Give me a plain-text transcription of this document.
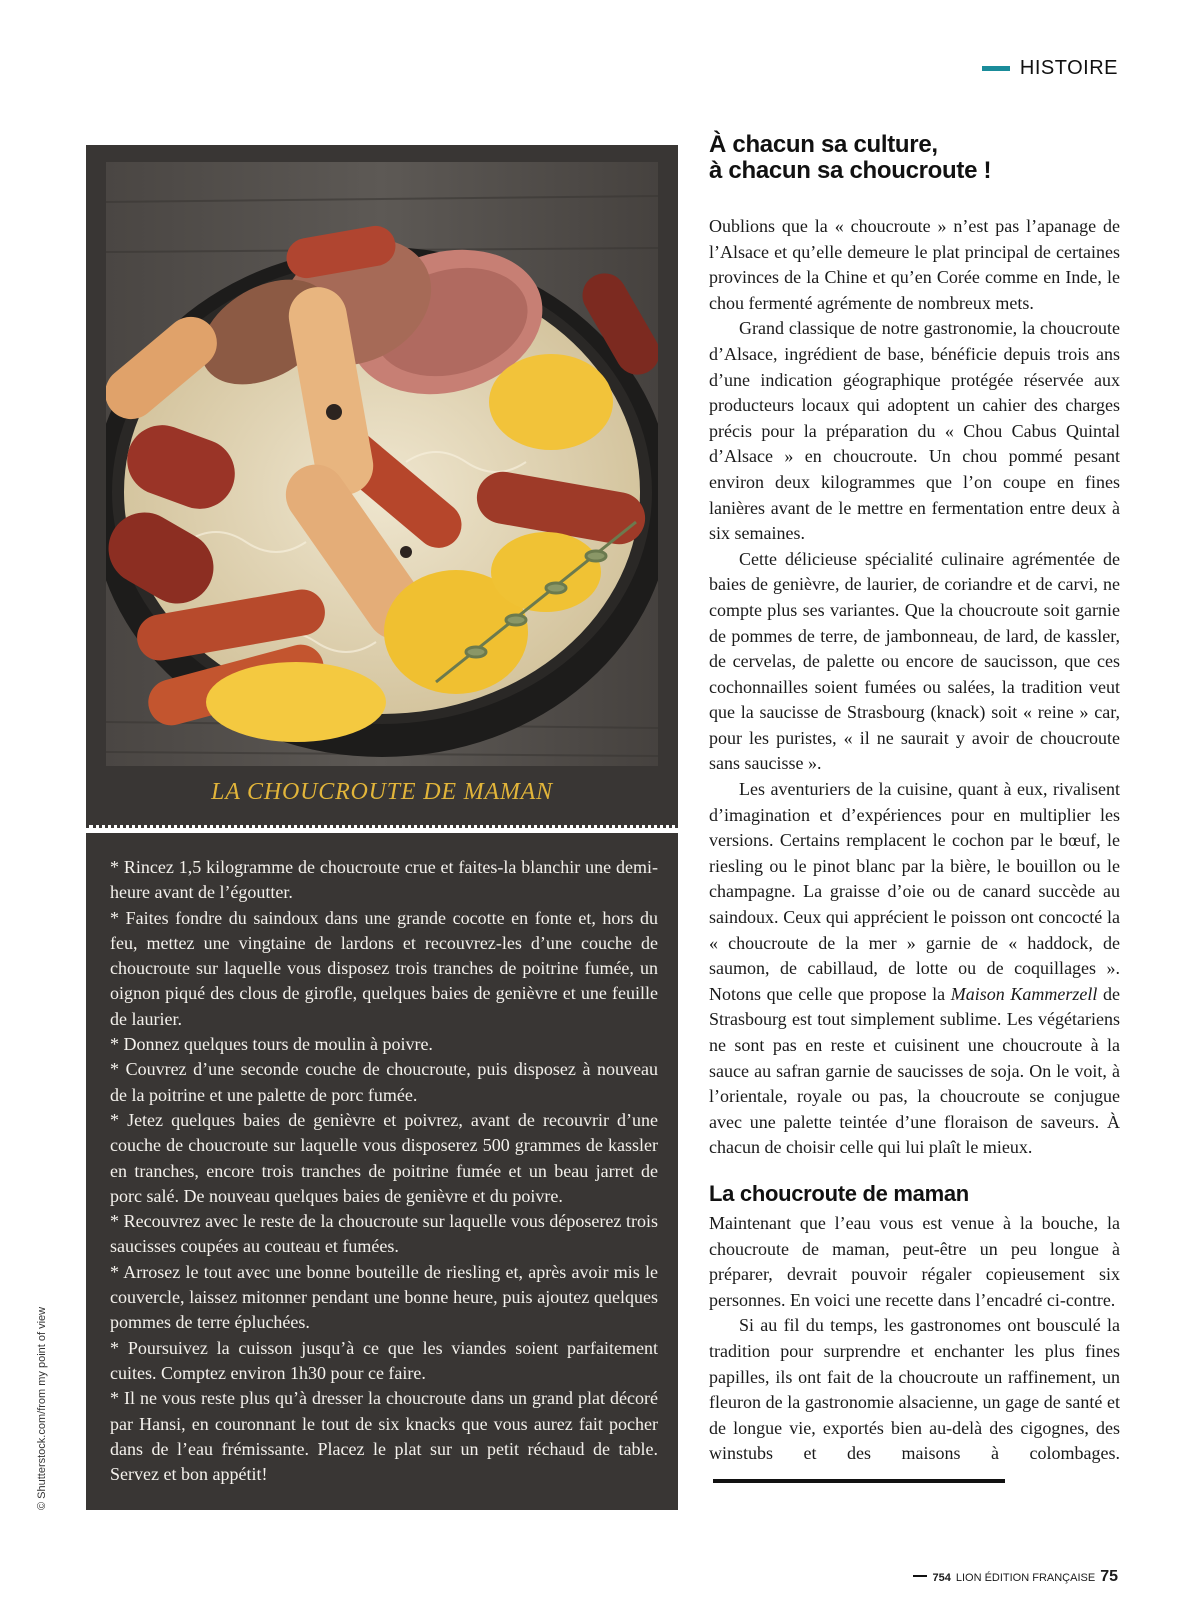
HISTOIRE
LA CHOUCROUTE DE MAMAN

* Rincez 1,5 kilogramme de choucroute crue et faites-la blanchir une demi-heure avant de l’égoutter.

* Faites fondre du saindoux dans une grande cocotte en fonte et, hors du feu, mettez une vingtaine de lardons et recouvrez-les d’une couche de choucroute sur laquelle vous disposez trois tranches de poitrine fumée, un oignon piqué des clous de girofle, quelques baies de genièvre et une feuille de laurier.

* Donnez quelques tours de moulin à poivre.

* Couvrez d’une seconde couche de choucroute, puis disposez à nouveau de la poitrine et une palette de porc fumée.

* Jetez quelques baies de genièvre et poivrez, avant de recouvrir d’une couche de choucroute sur laquelle vous disposerez 500 grammes de kassler en tranches, encore trois tranches de poitrine fumée et un beau jarret de porc salé. De nouveau quelques baies de genièvre et du poivre.

* Recouvrez avec le reste de la choucroute sur laquelle vous déposerez trois saucisses coupées au couteau et fumées.

* Arrosez le tout avec une bonne bouteille de riesling et, après avoir mis le couvercle, laissez mitonner pendant une bonne heure, puis ajoutez quelques pommes de terre épluchées.

* Poursuivez la cuisson jusqu’à ce que les viandes soient parfaitement cuites. Comptez environ 1h30 pour ce faire.

* Il ne vous reste plus qu’à dresser la choucroute dans un grand plat décoré par Hansi, en couronnant le tout de six knacks que vous aurez fait pocher dans de l’eau frémissante. Placez le plat sur un petit réchaud de table. Servez et bon appétit!

© Shutterstock.com/from my point of view
À chacun sa culture,
à chacun sa choucroute !

Oublions que la « choucroute » n’est pas l’apanage de l’Alsace et qu’elle demeure le plat principal de certaines provinces de la Chine et qu’en Corée comme en Inde, le chou fermenté agrémente de nombreux mets.

Grand classique de notre gastronomie, la choucroute d’Alsace, ingrédient de base, bénéficie depuis trois ans d’une indication géographique protégée réservée aux producteurs locaux qui adoptent un cahier des charges précis pour la préparation du « Chou Cabus Quintal d’Alsace » en choucroute. Un chou pommé pesant environ deux kilogrammes que l’on coupe en fines lanières avant de le mettre en fermentation entre deux à six semaines.

Cette délicieuse spécialité culinaire agrémentée de baies de genièvre, de laurier, de coriandre et de carvi, ne compte plus ses variantes. Que la choucroute soit garnie de pommes de terre, de jambonneau, de lard, de kassler, de cervelas, de palette ou encore de saucisson, que ces cochonnailles soient fumées ou salées, la tradition veut que la saucisse de Strasbourg (knack) soit « reine » car, pour les puristes, « il ne saurait y avoir de choucroute sans saucisse ».

Les aventuriers de la cuisine, quant à eux, rivalisent d’imagination et d’expériences pour en multiplier les versions. Certains remplacent le cochon par le bœuf, le riesling ou le pinot blanc par la bière, le bouillon ou le champagne. La graisse d’oie ou de canard succède au saindoux. Ceux qui apprécient le poisson ont concocté la « choucroute de la mer » garnie de « haddock, de saumon, de cabillaud, de lotte ou de coquillages ». Notons que celle que propose la Maison Kammerzell de Strasbourg est tout simplement sublime. Les végétariens ne sont pas en reste et cuisinent une choucroute à la sauce au safran garnie de saucisses de soja. On le voit, à l’orientale, royale ou pas, la choucroute se conjugue avec une palette teintée d’une floraison de saveurs. À chacun de choisir celle qui lui plaît le mieux.

La choucroute de maman

Maintenant que l’eau vous est venue à la bouche, la choucroute de maman, peut-être un peu longue à préparer, devrait pouvoir régaler copieusement six personnes. En voici une recette dans l’encadré ci-contre.

Si au fil du temps, les gastronomes ont bousculé la tradition pour surprendre et enchanter les plus fines papilles, ils ont fait de la choucroute un raffinement, un fleuron de la gastronomie alsacienne, un gage de santé et de longue vie, exportés bien au-delà des cigognes, des winstubs et des maisons à colombages.

754 LION ÉDITION FRANÇAISE 75
